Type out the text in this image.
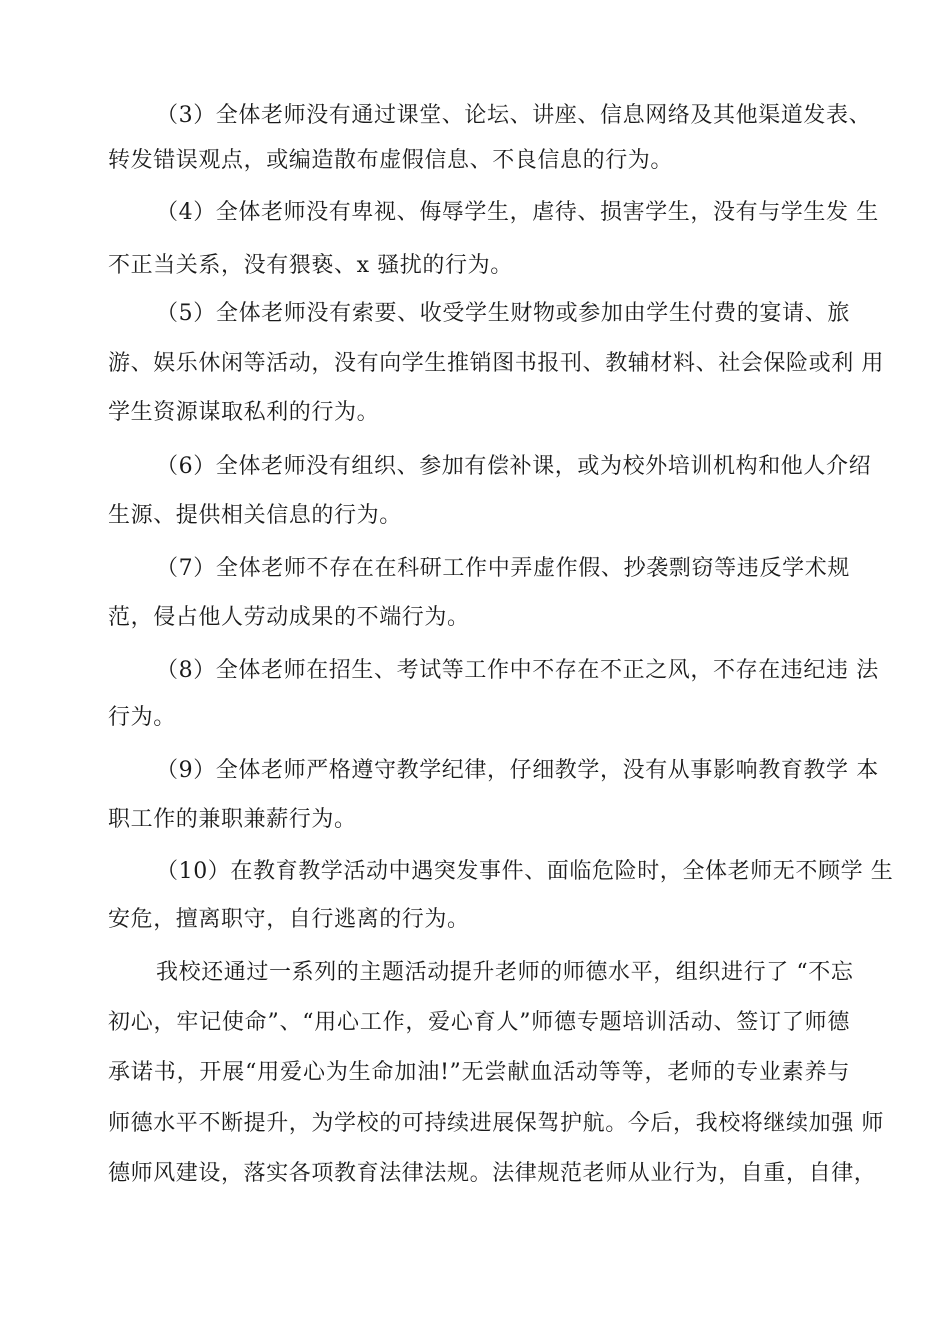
（3）全体老师没有通过课堂、论坛、讲座、信息网络及其他渠道发表、

转发错误观点，或编造散布虚假信息、不良信息的行为。

（4）全体老师没有卑视、侮辱学生，虐待、损害学生，没有与学生发 生

不正当关系，没有猥亵、x 骚扰的行为。

（5）全体老师没有索要、收受学生财物或参加由学生付费的宴请、旅

游、娱乐休闲等活动，没有向学生推销图书报刊、教辅材料、社会保险或利 用

学生资源谋取私利的行为。

（6）全体老师没有组织、参加有偿补课，或为校外培训机构和他人介绍

生源、提供相关信息的行为。

（7）全体老师不存在在科研工作中弄虚作假、抄袭剽窃等违反学术规

范，侵占他人劳动成果的不端行为。

（8）全体老师在招生、考试等工作中不存在不正之风，不存在违纪违 法

行为。

（9）全体老师严格遵守教学纪律，仔细教学，没有从事影响教育教学 本

职工作的兼职兼薪行为。

（10）在教育教学活动中遇突发事件、面临危险时，全体老师无不顾学 生

安危，擅离职守，自行逃离的行为。

我校还通过一系列的主题活动提升老师的师德水平，组织进行了 “不忘

初心，牢记使命”、“用心工作，爱心育人”师德专题培训活动、签订了师德

承诺书，开展“用爱心为生命加油!”无尝献血活动等等，老师的专业素养与

师德水平不断提升，为学校的可持续进展保驾护航。今后，我校将继续加强 师

德师风建设，落实各项教育法律法规。法律规范老师从业行为，自重，自律，
